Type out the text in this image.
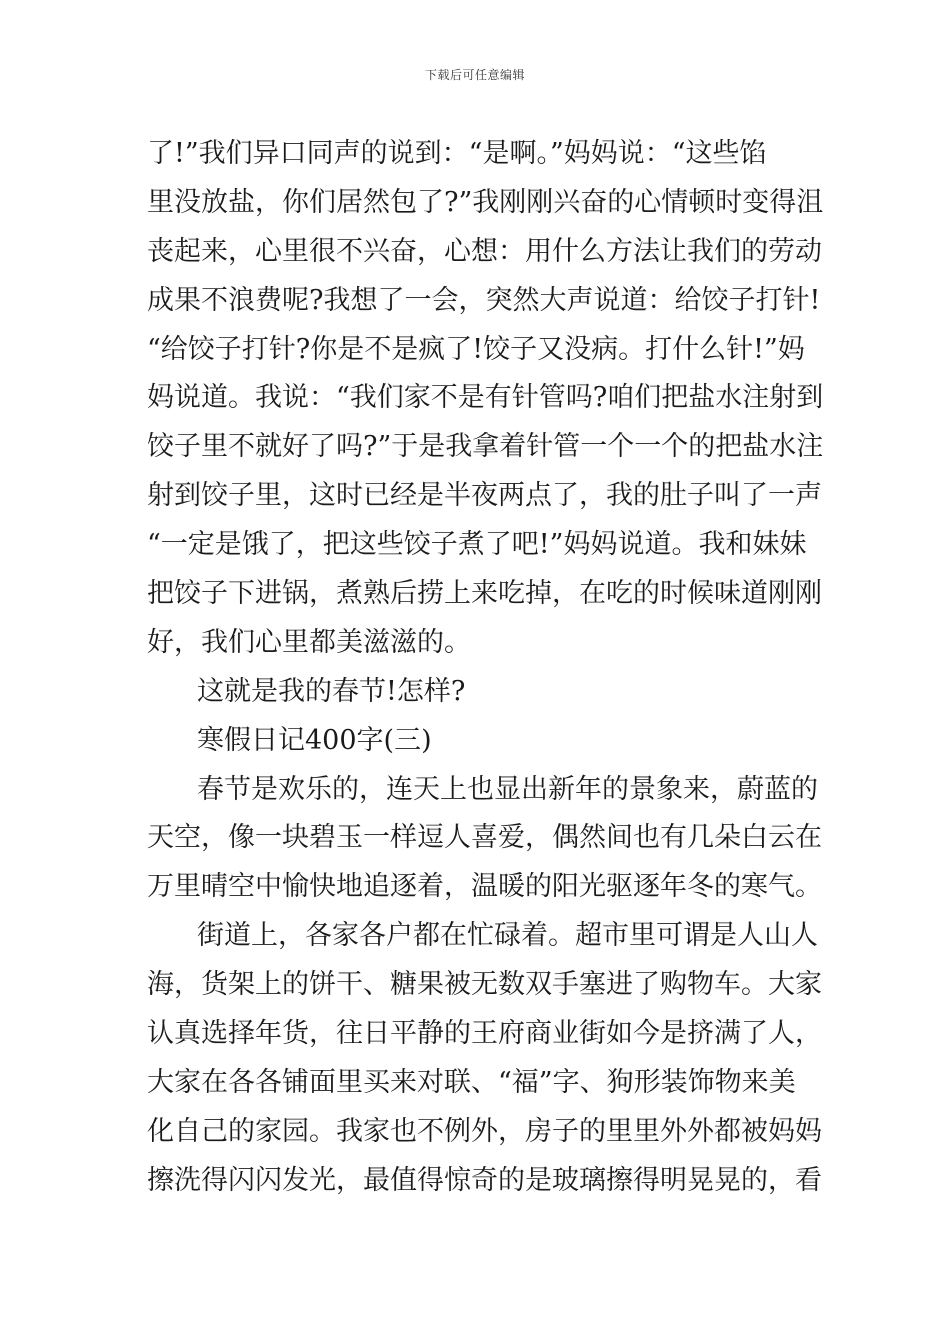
下载后可任意编辑
了!”我们异口同声的说到：“是啊。”妈妈说：“这些馅
里没放盐，你们居然包了?”我刚刚兴奋的心情顿时变得沮
丧起来，心里很不兴奋，心想：用什么方法让我们的劳动
成果不浪费呢?我想了一会，突然大声说道：给饺子打针!
“给饺子打针?你是不是疯了!饺子又没病。打什么针!”妈
妈说道。我说：“我们家不是有针管吗?咱们把盐水注射到
饺子里不就好了吗?”于是我拿着针管一个一个的把盐水注
射到饺子里，这时已经是半夜两点了，我的肚子叫了一声
“一定是饿了，把这些饺子煮了吧!”妈妈说道。我和妹妹
把饺子下进锅，煮熟后捞上来吃掉，在吃的时候味道刚刚
好，我们心里都美滋滋的。
这就是我的春节!怎样?
寒假日记400字(三)
春节是欢乐的，连天上也显出新年的景象来，蔚蓝的
天空，像一块碧玉一样逗人喜爱，偶然间也有几朵白云在
万里晴空中愉快地追逐着，温暖的阳光驱逐年冬的寒气。
街道上，各家各户都在忙碌着。超市里可谓是人山人
海，货架上的饼干、糖果被无数双手塞进了购物车。大家
认真选择年货，往日平静的王府商业街如今是挤满了人，
大家在各各铺面里买来对联、“福”字、狗形装饰物来美
化自己的家园。我家也不例外，房子的里里外外都被妈妈
擦洗得闪闪发光，最值得惊奇的是玻璃擦得明晃晃的，看
